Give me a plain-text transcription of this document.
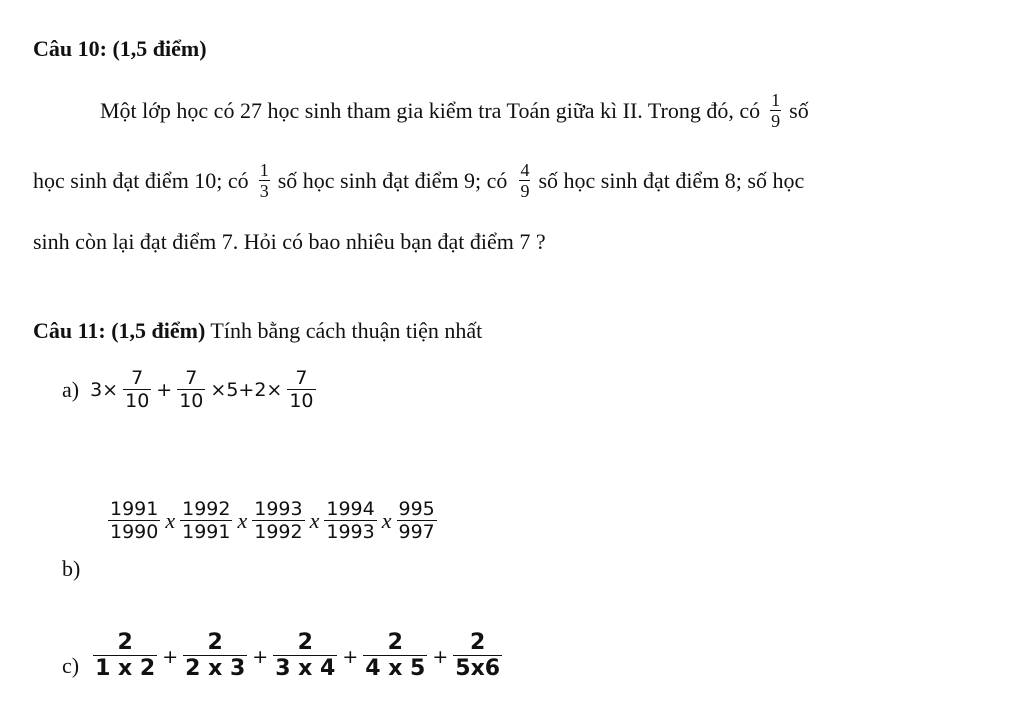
Câu 10: (1,5 điểm)
Một lớp học có 27 học sinh tham gia kiểm tra Toán giữa kì II. Trong đó, có $\frac{1}{9}$ số
học sinh đạt điểm 10; có $\frac{1}{3}$ số học sinh đạt điểm 9; có $\frac{4}{9}$ số học sinh đạt điểm 8; số học
sinh còn lại đạt điểm 7. Hỏi có bao nhiêu bạn đạt điểm 7 ?
Câu 11: (1,5 điểm) Tính bằng cách thuận tiện nhất
a) $3\times \frac{7}{10} + \frac{7}{10} \times 5+2\times \frac{7}{10}$
b)
$\frac{1991}{1990}$ x $\frac{1992}{1991}$ x $\frac{1993}{1992}$ x $\frac{1994}{1993}$ x $\frac{995}{997}$
$c) \frac{2}{1 x 2} + \frac{2}{2 x 3} + \frac{2}{3 x 4} + \frac{2}{4 x 5} + \frac{2}{5x6}$
